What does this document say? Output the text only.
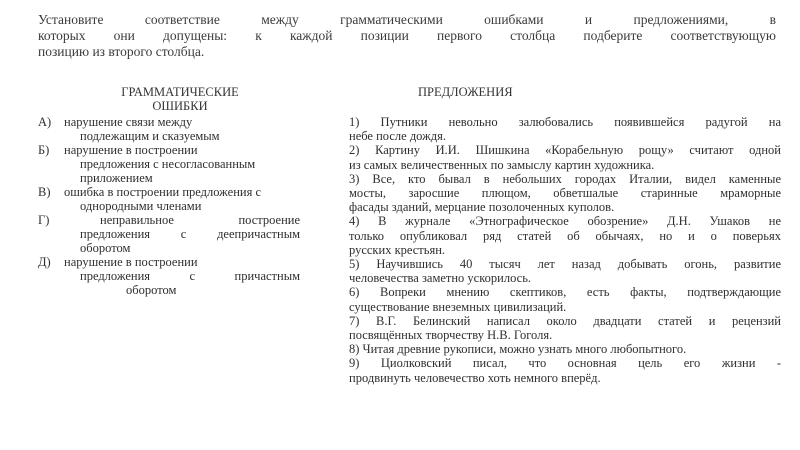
Установите соответствие между грамматическими ошибками и предложениями, в
которых они допущены: к каждой позиции первого столбца подберите соответствующую
позицию из второго столбца.
ГРАММАТИЧЕСКИЕ
ОШИБКИ
ПРЕДЛОЖЕНИЯ
А) нарушение связи между
подлежащим и сказуемым
Б) нарушение в построении
предложения с несогласованным
приложением
В) ошибка в построении предложения с
однородными членами
Г)	неправильное построение
предложения с деепричастным
оборотом
Д) нарушение в построении
предложения с причастным
оборотом
1) Путники невольно залюбовались появившейся радугой на
небе после дождя.
2) Картину И.И. Шишкина «Корабельную рощу» считают одной
из самых величественных по замыслу картин художника.
3) Все, кто бывал в небольших городах Италии, видел каменные
мосты, заросшие плющом, обветшалые старинные мраморные
фасады зданий, мерцание позолоченных куполов.
4) В журнале «Этнографическое обозрение» Д.Н. Ушаков не
только опубликовал ряд статей об обычаях, но и о поверьях
русских крестьян.
5) Научившись 40 тысяч лет назад добывать огонь, развитие
человечества заметно ускорилось.
6) Вопреки мнению скептиков, есть факты, подтверждающие
существование внеземных цивилизаций.
7) В.Г. Белинский написал около двадцати статей и рецензий
посвящённых творчеству Н.В. Гоголя.
8) Читая древние рукописи, можно узнать много любопытного.
9) Циолковский писал, что основная цель его жизни -
продвинуть человечество хоть немного вперёд.
